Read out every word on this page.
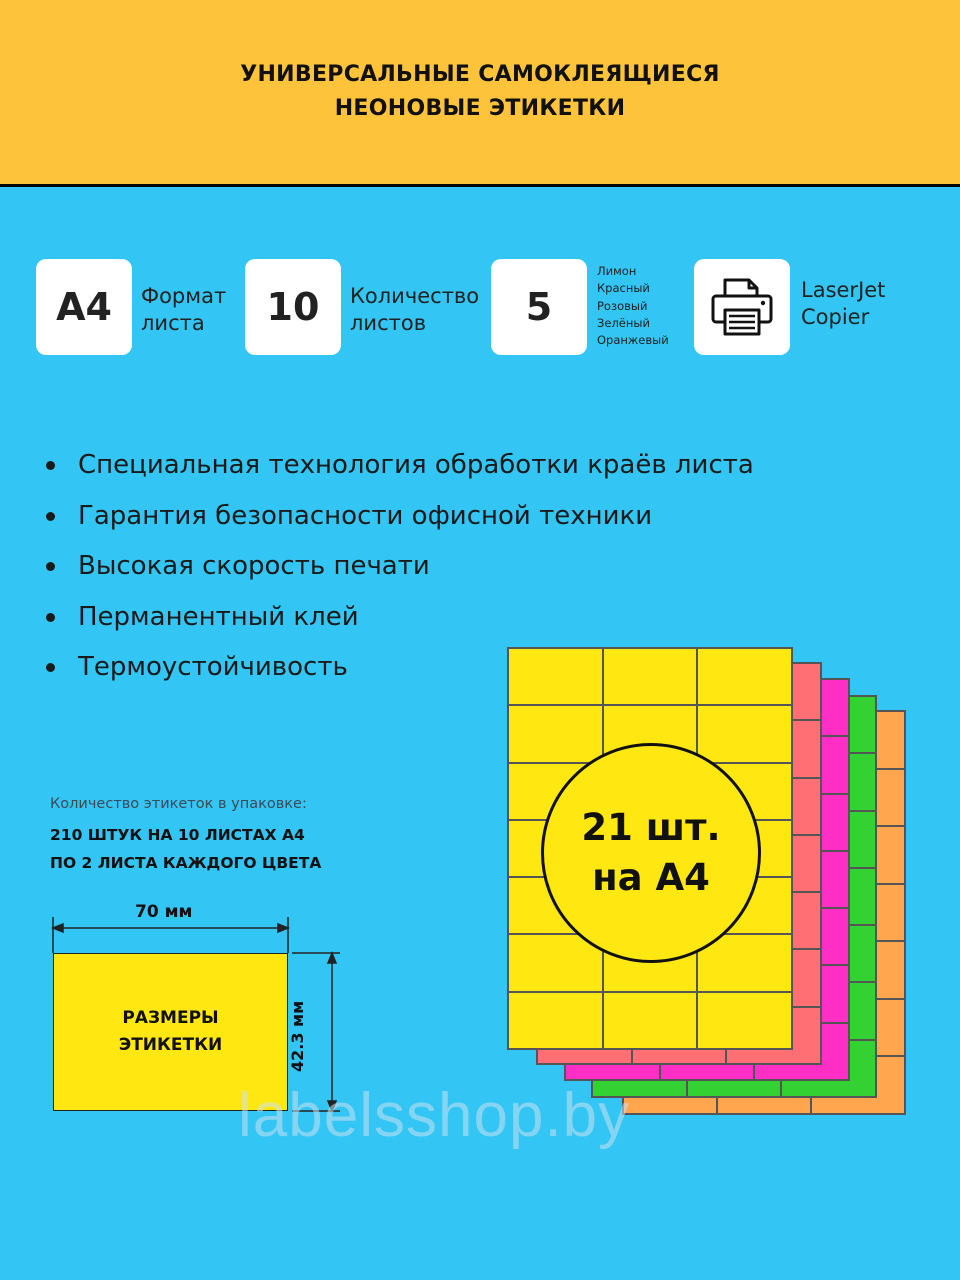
УНИВЕРСАЛЬНЫЕ САМОКЛЕЯЩИЕСЯ
НЕОНОВЫЕ ЭТИКЕТКИ
A4	Формат
листа	10	Количество
листов	5
Лимон
Красный
Розовый
Зелёный
Оранжевый
LaserJet
Copier
Специальная технология обработки краёв листа
Гарантия безопасности офисной техники
Высокая скорость печати
Перманентный клей
Термоустойчивость
Количество этикеток в упаковке:
210 ШТУК НА 10 ЛИСТАХ A4
ПО 2 ЛИСТА КАЖДОГО ЦВЕТА
21 шт.
на А4
70 мм
42.3 мм
РАЗМЕРЫ
ЭТИКЕТКИ
labelsshop.by
